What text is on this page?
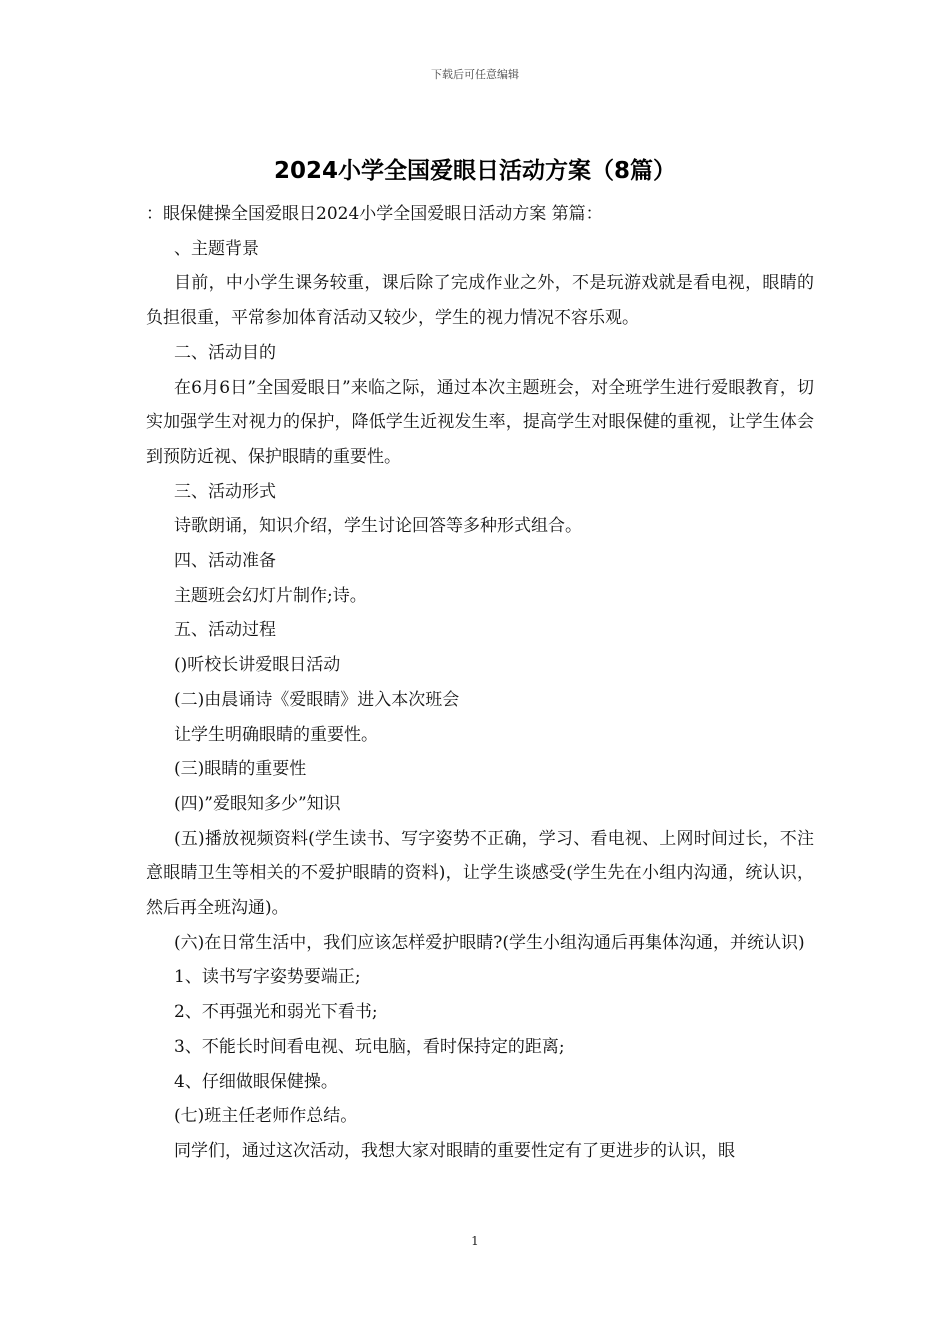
下载后可任意编辑
2024小学全国爱眼日活动方案（8篇）

：眼保健操全国爱眼日2024小学全国爱眼日活动方案 第篇：

、主题背景

目前，中小学生课务较重，课后除了完成作业之外，不是玩游戏就是看电视，眼睛的负担很重，平常参加体育活动又较少，学生的视力情况不容乐观。

二、活动目的

在6月6日”全国爱眼日”来临之际，通过本次主题班会，对全班学生进行爱眼教育，切实加强学生对视力的保护，降低学生近视发生率，提高学生对眼保健的重视，让学生体会到预防近视、保护眼睛的重要性。

三、活动形式

诗歌朗诵，知识介绍，学生讨论回答等多种形式组合。

四、活动准备

主题班会幻灯片制作;诗。

五、活动过程

()听校长讲爱眼日活动

(二)由晨诵诗《爱眼睛》进入本次班会

让学生明确眼睛的重要性。

(三)眼睛的重要性

(四)”爱眼知多少”知识

(五)播放视频资料(学生读书、写字姿势不正确，学习、看电视、上网时间过长，不注意眼睛卫生等相关的不爱护眼睛的资料)，让学生谈感受(学生先在小组内沟通，统认识，然后再全班沟通)。

(六)在日常生活中，我们应该怎样爱护眼睛?(学生小组沟通后再集体沟通，并统认识)

1、读书写字姿势要端正;

2、不再强光和弱光下看书;

3、不能长时间看电视、玩电脑，看时保持定的距离;

4、仔细做眼保健操。

(七)班主任老师作总结。

同学们，通过这次活动，我想大家对眼睛的重要性定有了更进步的认识，眼

1
